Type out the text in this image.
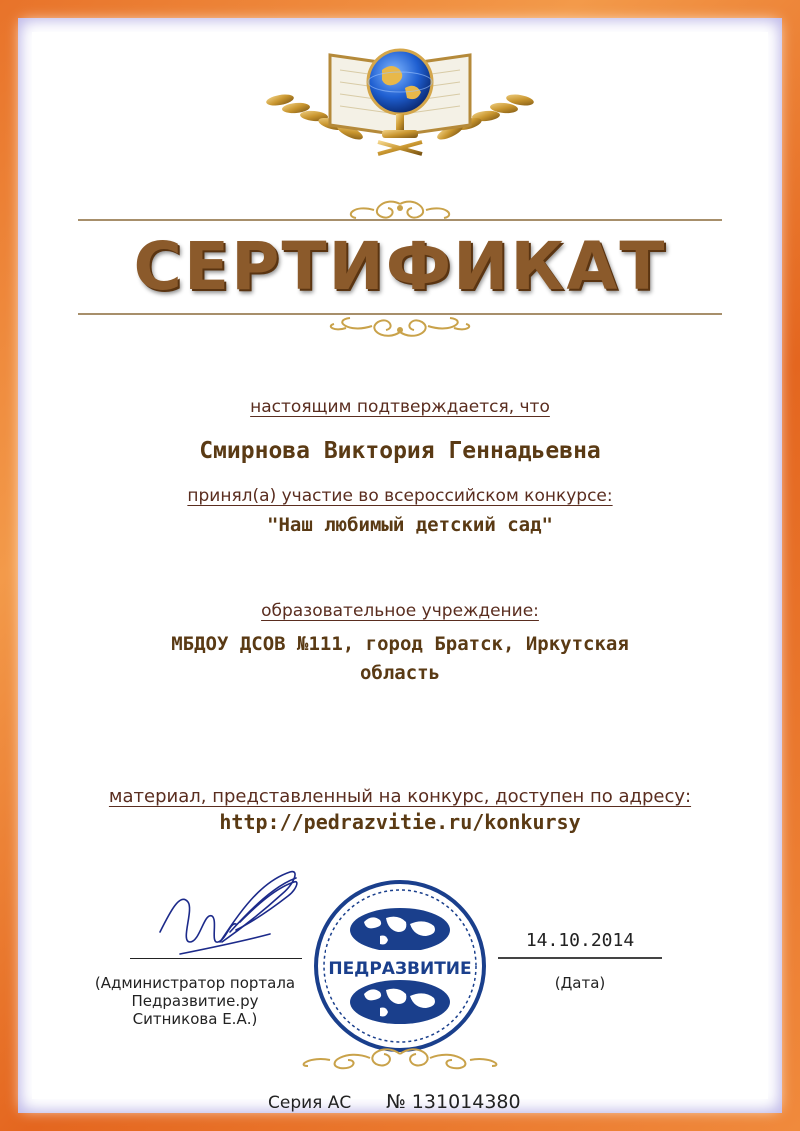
СЕРТИФИКАТ
настоящим подтверждается, что
Смирнова Виктория Геннадьевна
принял(а) участие во всероссийском конкурсе:
"Наш любимый детский сад"
образовательное учреждение:
МБДОУ ДСОВ №111, город Братск, Иркутская
область
материал, представленный на конкурс, доступен по адресу:
http://pedrazvitie.ru/konkursy
(Администратор портала
Педразвитие.ру
Ситникова Е.А.)
ПЕДРАЗВИТИЕ
14.10.2014
(Дата)
Серия АС № 131014380
